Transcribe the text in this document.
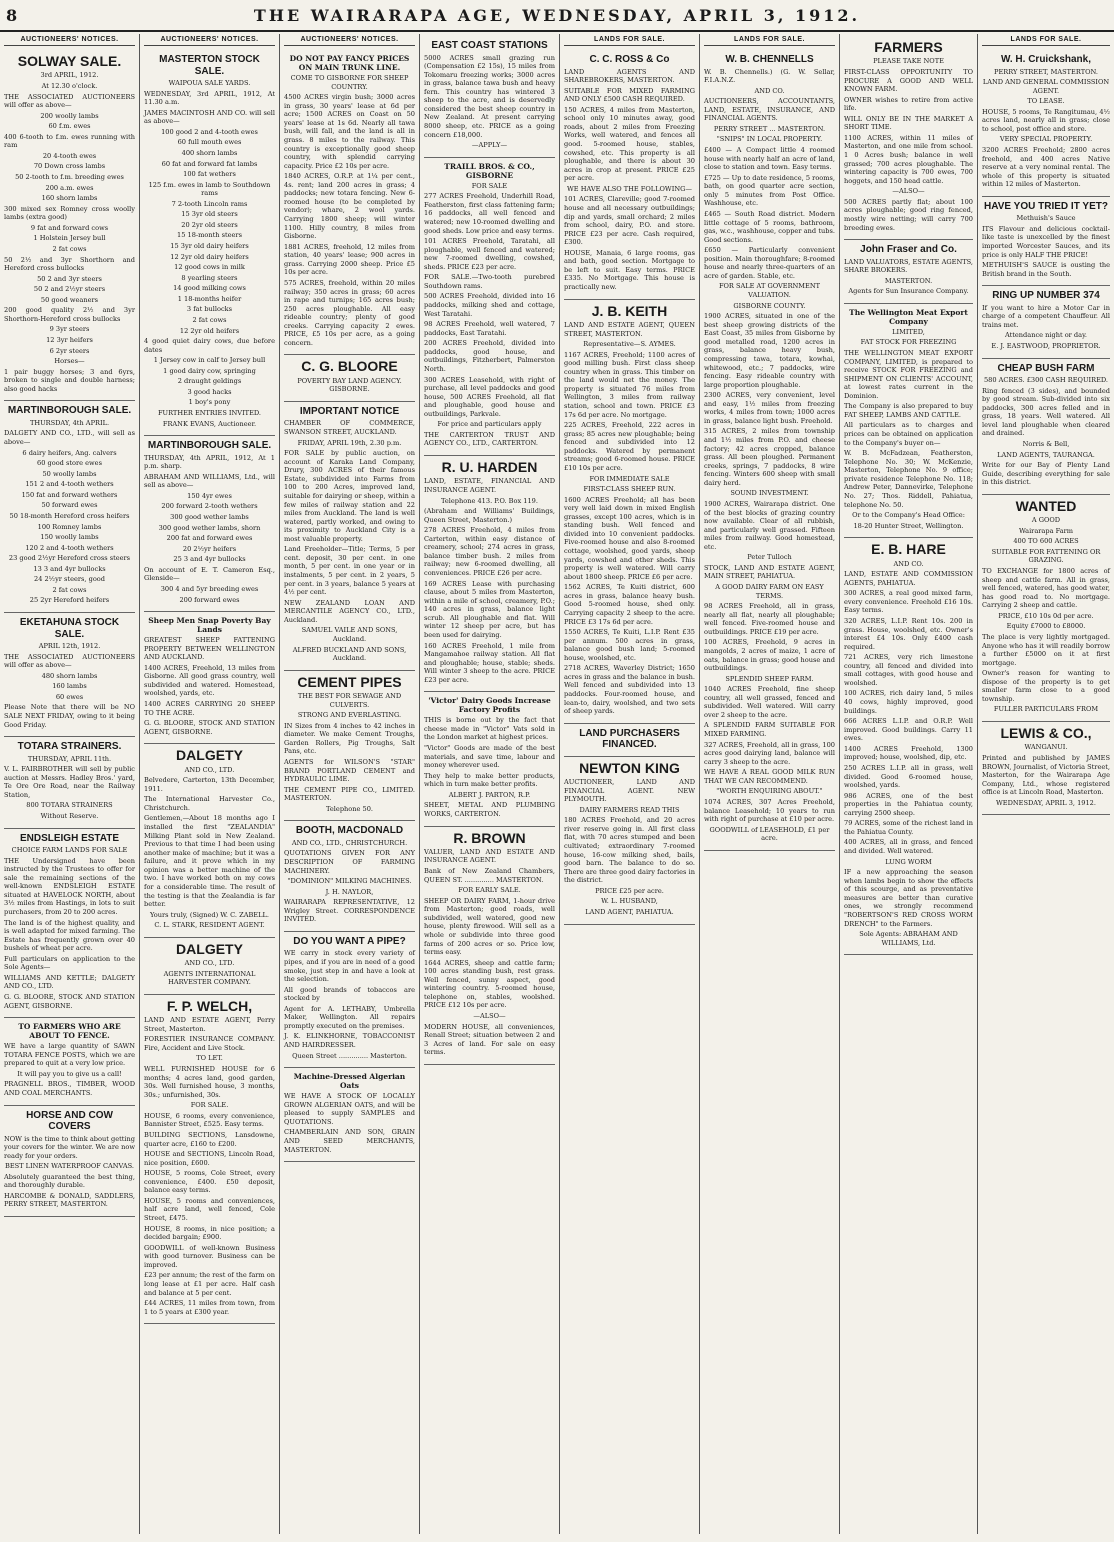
8	THE WAIRARAPA AGE, WEDNESDAY, APRIL 3, 1912.
AUCTIONEERS' NOTICES.
SOLWAY SALE.
3rd APRIL, 1912.
At 12.30 o'clock.
THE ASSOCIATED AUCTIONEERS will offer as above—
200 woolly lambs
60 f.m. ewes
400 6-tooth to f.m. ewes running with ram
20 4-tooth ewes
70 Down cross lambs
50 2-tooth to f.m. breeding ewes
200 a.m. ewes
160 shorn lambs
300 mixed sex Romney cross woolly lambs (extra good)
9 fat and forward cows
1 Holstein Jersey bull
2 fat cows
50 2½ and 3yr Shorthorn and Hereford cross bullocks
50 2 and 3yr steers
50 2 and 2½yr steers
50 good weaners
200 good quality 2½ and 3yr Shorthorn-Hereford cross bullocks
9 3yr steers
12 3yr heifers
6 2yr steers
Horses—
1 pair buggy horses; 3 and 6yrs, broken to single and double harness; also good hacks
MARTINBOROUGH SALE.
THURSDAY, 4th APRIL.
DALGETY AND CO., LTD., will sell as above—
6 dairy heifers, Ang. calvers
60 good store ewes
50 woolly lambs
151 2 and 4-tooth wethers
150 fat and forward wethers
50 forward ewes
50 18-month Hereford cross heifers
100 Romney lambs
150 woolly lambs
120 2 and 4-tooth wethers
23 good 2½yr Hereford cross steers
13 3 and 4yr bullocks
24 2½yr steers, good
2 fat cows
25 2yr Hereford heifers
EKETAHUNA STOCK SALE.
APRIL 12th, 1912.
THE ASSOCIATED AUCTIONEERS will offer as above—
480 shorn lambs
160 lambs
60 ewes
Please Note that there will be NO SALE NEXT FRIDAY, owing to it being Good Friday.
TOTARA STRAINERS.
THURSDAY, APRIL 11th.
V. L. FAIRBROTHER will sell by public auction at Messrs. Hadley Bros.' yard, Te Ore Ore Road, near the Railway Station,
800 TOTARA STRAINERS
Without Reserve.
ENDSLEIGH ESTATE
CHOICE FARM LANDS FOR SALE
THE Undersigned have been instructed by the Trustees to offer for sale the remaining sections of the well-known ENDSLEIGH ESTATE situated at HAVELOCK NORTH, about 3½ miles from Hastings, in lots to suit purchasers, from 20 to 200 acres.
The land is of the highest quality, and is well adapted for mixed farming. The Estate has frequently grown over 40 bushels of wheat per acre.
Full particulars on application to the Sole Agents—
WILLIAMS AND KETTLE; DALGETY AND CO., LTD.
G. G. BLOORE, STOCK AND STATION AGENT, GISBORNE.
TO FARMERS WHO ARE ABOUT TO FENCE.
WE have a large quantity of SAWN TOTARA FENCE POSTS, which we are prepared to quit at a very low price.
It will pay you to give us a call!
PRAGNELL BROS., TIMBER, WOOD AND COAL MERCHANTS.
HORSE AND COW COVERS
NOW is the time to think about getting your covers for the winter. We are now ready for your orders.
BEST LINEN WATERPROOF CANVAS.
Absolutely guaranteed the best thing, and thoroughly durable.
HARCOMBE & DONALD, SADDLERS, PERRY STREET, MASTERTON.
AUCTIONEERS' NOTICES.
MASTERTON STOCK SALE.
WAIPOUA SALE YARDS.
WEDNESDAY, 3rd APRIL, 1912, At 11.30 a.m.
JAMES MACINTOSH AND CO. will sell as above—
100 good 2 and 4-tooth ewes
60 full mouth ewes
400 shorn lambs
60 fat and forward fat lambs
100 fat wethers
125 f.m. ewes in lamb to Southdown rams
7 2-tooth Lincoln rams
15 3yr old steers
20 2yr old steers
15 18-month steers
15 3yr old dairy heifers
12 2yr old dairy heifers
12 good cows in milk
8 yearling steers
14 good milking cows
1 18-months heifer
3 fat bullocks
2 fat cows
12 2yr old heifers
4 good quiet dairy cows, due before dates
1 Jersey cow in calf to Jersey bull
1 good dairy cow, springing
2 draught geldings
3 good hacks
1 boy's pony
FURTHER ENTRIES INVITED.
FRANK EVANS, Auctioneer.
MARTINBOROUGH SALE.
THURSDAY, 4th APRIL, 1912, At 1 p.m. sharp.
ABRAHAM AND WILLIAMS, Ltd., will sell as above—
150 4yr ewes
200 forward 2-tooth wethers
300 good wether lambs
300 good wether lambs, shorn
200 fat and forward ewes
20 2½yr heifers
25 3 and 4yr bullocks
On account of E. T. Cameron Esq., Glenside—
300 4 and 5yr breeding ewes
200 forward ewes
Sheep Men Snap Poverty Bay Lands
GREATEST SHEEP FATTENING PROPERTY BETWEEN WELLINGTON AND AUCKLAND.
1400 ACRES, Freehold, 13 miles from Gisborne. All good grass country, well subdivided and watered. Homestead, woolshed, yards, etc.
1400 ACRES CARRYING 20 SHEEP TO THE ACRE.
G. G. BLOORE, STOCK AND STATION AGENT, GISBORNE.
DALGETY
AND CO., LTD.
Belvedere, Carterton, 13th December, 1911.
The International Harvester Co., Christchurch.
Gentlemen,—About 18 months ago I installed the first "ZEALANDIA" Milking Plant sold in New Zealand. Previous to that time I had been using another make of machine; but it was a failure, and it prove which in my opinion was a better machine of the two. I have worked both on my cows for a considerable time. The result of the testing is that the Zealandia is far better.
Yours truly, (Signed) W. C. ZABELL.
C. L. STARK, RESIDENT AGENT.
DALGETY
AND CO., LTD.
AGENTS INTERNATIONAL HARVESTER COMPANY.
F. P. WELCH,
LAND AND ESTATE AGENT, Perry Street, Masterton.
FORESTIER INSURANCE COMPANY. Fire, Accident and Live Stock.
TO LET.
WELL FURNISHED HOUSE for 6 months; 4 acres land, good garden, 30s. Well furnished house, 3 months, 30s.; unfurnished, 30s.
FOR SALE.
HOUSE, 6 rooms, every convenience, Bannister Street, £525. Easy terms.
BUILDING SECTIONS, Lansdowne, quarter acre, £160 to £200.
HOUSE and SECTIONS, Lincoln Road, nice position, £600.
HOUSE, 5 rooms, Cole Street, every convenience, £400. £50 deposit, balance easy terms.
HOUSE, 5 rooms and conveniences, half acre land, well fenced, Cole Street, £475.
HOUSE, 8 rooms, in nice position; a decided bargain; £900.
GOODWILL of well-known Business with good turnover. Business can be improved.
£23 per annum; the rest of the farm on long lease at £1 per acre. Half cash and balance at 5 per cent.
£44 ACRES, 11 miles from town, from 1 to 5 years at £300 year.
AUCTIONEERS' NOTICES.
DO NOT PAY FANCY PRICES ON MAIN TRUNK LINE.
COME TO GISBORNE FOR SHEEP COUNTRY.
4500 ACRES virgin bush; 3000 acres in grass, 30 years' lease at 6d per acre; 1500 ACRES on Coast on 50 years' lease at 1s 6d. Nearly all tawa bush, will fall, and the land is all in grass. 8 miles to the railway. This country is exceptionally good sheep country, with splendid carrying capacity. Price £2 10s per acre.
1840 ACRES, O.R.P. at 1¼ per cent., 4s. rent; land 200 acres in grass; 4 paddocks; new totara fencing. New 6-roomed house (to be completed by vendor); whare, 2 wool yards. Carrying 1800 sheep; will winter 1100. Hilly country, 8 miles from Gisborne.
1881 ACRES, freehold, 12 miles from station, 40 years' lease; 900 acres in grass. Carrying 2000 sheep. Price £5 10s per acre.
575 ACRES, freehold, within 20 miles railway; 350 acres in grass; 60 acres in rape and turnips; 165 acres bush; 250 acres ploughable. All easy rideable country; plenty of good creeks. Carrying capacity 2 ewes. PRICE, £5 10s per acre, as a going concern.
C. G. BLOORE
POVERTY BAY LAND AGENCY. GISBORNE.
IMPORTANT NOTICE
CHAMBER OF COMMERCE, SWANSON STREET, AUCKLAND.
FRIDAY, APRIL 19th, 2.30 p.m.
FOR SALE by public auction, on account of Karaka Land Company, Drury, 300 ACRES of their famous Estate, subdivided into Farms from 100 to 200 Acres, improved land, suitable for dairying or sheep, within a few miles of railway station and 22 miles from Auckland. The land is well watered, partly worked, and owing to its proximity to Auckland City is a most valuable property.
Land Freeholder—Title; Terms, 5 per cent. deposit, 30 per cent. in one month, 5 per cent. in one year or in instalments, 5 per cent. in 2 years, 5 per cent. in 3 years, balance 5 years at 4½ per cent.
NEW ZEALAND LOAN AND MERCANTILE AGENCY CO., LTD., Auckland.
SAMUEL VAILE AND SONS, Auckland.
ALFRED BUCKLAND AND SONS, Auckland.
CEMENT PIPES
THE BEST FOR SEWAGE AND CULVERTS.
STRONG AND EVERLASTING.
IN Sizes from 4 inches to 42 inches in diameter. We make Cement Troughs, Garden Rollers, Pig Troughs, Salt Pans, etc.
AGENTS for WILSON'S "STAR" BRAND PORTLAND CEMENT and HYDRAULIC LIME.
THE CEMENT PIPE CO., LIMITED. MASTERTON.
Telephone 50.
BOOTH, MACDONALD
AND CO., LTD., CHRISTCHURCH.
QUOTATIONS GIVEN FOR ANY DESCRIPTION OF FARMING MACHINERY.
"DOMINION" MILKING MACHINES.
J. H. NAYLOR,
WAIRARAPA REPRESENTATIVE, 12 Wrigley Street. CORRESPONDENCE INVITED.
DO YOU WANT A PIPE?
WE carry in stock every variety of pipes, and if you are in need of a good smoke, just step in and have a look at the selection.
All good brands of tobaccos are stocked by
Agent for A. LETHABY, Umbrella Maker, Wellington. All repairs promptly executed on the premises.
J. K. ELINKHORNE, TOBACCONIST AND HAIRDRESSER.
Queen Street .............. Masterton.
Machine-Dressed Algerian Oats
WE HAVE A STOCK OF LOCALLY GROWN ALGERIAN OATS, and will be pleased to supply SAMPLES and QUOTATIONS.
CHAMBERLAIN AND SON, GRAIN AND SEED MERCHANTS, MASTERTON.
EAST COAST STATIONS
5000 ACRES small grazing run (Compensation £2 15s), 15 miles from Tokomaru freezing works; 3000 acres in grass, balance tawa bush and heavy fern. This country has wintered 3 sheep to the acre, and is deservedly considered the best sheep country in New Zealand. At present carrying 8000 sheep, etc. PRICE as a going concern £18,000.
—APPLY—
TRAILL BROS. & CO., GISBORNE
FOR SALE
277 ACRES Freehold, Underhill Road, Featherston, first class fattening farm; 16 paddocks, all well fenced and watered; new 10-roomed dwelling and good sheds. Low price and easy terms.
101 ACRES Freehold, Taratahi, all ploughable, well fenced and watered; new 7-roomed dwelling, cowshed, sheds. PRICE £23 per acre.
FOR SALE.—Two-tooth purebred Southdown rams.
500 ACRES Freehold, divided into 16 paddocks, milking shed and cottage, West Taratahi.
98 ACRES Freehold, well watered, 7 paddocks, East Taratahi.
200 ACRES Freehold, divided into paddocks, good house, and outbuildings, Fitzherbert, Palmerston North.
300 ACRES Leasehold, with right of purchase, all level paddocks and good house, 500 ACRES Freehold, all flat and ploughable, good house and outbuildings, Parkvale.
For price and particulars apply
THE CARTERTON TRUST AND AGENCY CO., LTD., CARTERTON.
R. U. HARDEN
LAND, ESTATE, FINANCIAL AND INSURANCE AGENT.
Telephone 413. P.O. Box 119.
(Abraham and Williams' Buildings, Queen Street, Masterton.)
278 ACRES Freehold, 4 miles from Carterton, within easy distance of creamery, school; 274 acres in grass, balance timber bush. 2 miles from railway; new 6-roomed dwelling, all conveniences. PRICE £26 per acre.
169 ACRES Lease with purchasing clause, about 5 miles from Masterton, within a mile of school, creamery, P.O.; 140 acres in grass, balance light scrub. All ploughable and flat. Will winter 12 sheep per acre, but has been used for dairying.
160 ACRES Freehold, 1 mile from Mangamahoe railway station. All flat and ploughable; house, stable; sheds. Will winter 3 sheep to the acre. PRICE £23 per acre.
'Victor' Dairy Goods Increase Factory Profits
THIS is borne out by the fact that cheese made in "Victor" Vats sold in the London market at highest prices.
"Victor" Goods are made of the best materials, and save time, labour and money wherever used.
They help to make better products, which in turn make better profits.
ALBERT J. PARTON, R.P.
SHEET, METAL AND PLUMBING WORKS, CARTERTON.
R. BROWN
VALUER, LAND AND ESTATE AND INSURANCE AGENT.
Bank of New Zealand Chambers, QUEEN ST. .............. MASTERTON.
FOR EARLY SALE.
SHEEP OR DAIRY FARM, 1-hour drive from Masterton; good roads, well subdivided, well watered, good new house, plenty firewood. Will sell as a whole or subdivide into three good farms of 200 acres or so. Price low, terms easy.
1644 ACRES, sheep and cattle farm; 100 acres standing bush, rest grass. Well fenced, sunny aspect, good wintering country. 5-roomed house, telephone on, stables, woolshed. PRICE £12 10s per acre.
—ALSO—
MODERN HOUSE, all conveniences, Renall Street; situation between 2 and 3 Acres of land. For sale on easy terms.
LANDS FOR SALE.
C. C. ROSS & Co
LAND AGENTS AND SHAREBROKERS, MASTERTON.
SUITABLE FOR MIXED FARMING AND ONLY £500 CASH REQUIRED.
150 ACRES, 4 miles from Masterton, school only 10 minutes away, good roads, about 2 miles from Freezing Works, well watered, and fences all good. 5-roomed house, stables, cowshed, etc. This property is all ploughable, and there is about 30 acres in crop at present. PRICE £25 per acre.
WE HAVE ALSO THE FOLLOWING—
101 ACRES, Clareville; good 7-roomed house and all necessary outbuildings; dip and yards, small orchard; 2 miles from school, dairy, P.O. and store. PRICE £23 per acre. Cash required, £300.
HOUSE, Manaia, 6 large rooms, gas and bath, good section. Mortgage to be left to suit. Easy terms. PRICE £335. No Mortgage. This house is practically new.
J. B. KEITH
LAND AND ESTATE AGENT, QUEEN STREET, MASTERTON.
Representative—S. AYMES.
1167 ACRES, Freehold; 1100 acres of good milling bush. First class sheep country when in grass. This timber on the land would net the money. The property is situated 76 miles from Wellington, 3 miles from railway station, school and town. PRICE £3 17s 6d per acre. No mortgage.
225 ACRES, Freehold, 222 acres in grass; 85 acres new ploughable; being fenced and subdivided into 12 paddocks. Watered by permanent streams; good 6-roomed house. PRICE £10 10s per acre.
FOR IMMEDIATE SALE
FIRST-CLASS SHEEP RUN.
1600 ACRES Freehold; all has been very well laid down in mixed English grasses, except 100 acres, which is in standing bush. Well fenced and divided into 10 convenient paddocks. Five-roomed house and also 8-roomed cottage, woolshed, good yards, sheep yards, cowshed and other sheds. This property is well watered. Will carry about 1800 sheep. PRICE £6 per acre.
1562 ACRES, Te Kuiti district, 600 acres in grass, balance heavy bush. Good 5-roomed house, shed only. Carrying capacity 2 sheep to the acre. PRICE £3 17s 6d per acre.
1550 ACRES, Te Kuiti, L.I.P. Rent £35 per annum. 500 acres in grass, balance good bush land; 5-roomed house, woolshed, etc.
2718 ACRES, Waverley District; 1650 acres in grass and the balance in bush. Well fenced and subdivided into 13 paddocks. Four-roomed house, and lean-to, dairy, woolshed, and two sets of sheep yards.
LAND PURCHASERS FINANCED.
NEWTON KING
AUCTIONEER, LAND AND FINANCIAL AGENT. NEW PLYMOUTH.
DAIRY FARMERS READ THIS
180 ACRES Freehold, and 20 acres river reserve going in. All first class flat, with 70 acres stumped and been cultivated; extraordinary 7-roomed house, 16-cow milking shed, bails, good barn. The balance to do so. There are three good dairy factories in the district.
PRICE £25 per acre.
W. L. HUSBAND,
LAND AGENT, PAHIATUA.
LANDS FOR SALE.
W. B. CHENNELLS
W. B. Chennells.) (G. W. Sellar, F.I.A.N.Z.
AND CO.
AUCTIONEERS, ACCOUNTANTS, LAND, ESTATE, INSURANCE, AND FINANCIAL AGENTS.
PERRY STREET ... MASTERTON.
"SNIPS" IN LOCAL PROPERTY.
£400 — A Compact little 4 roomed house with nearly half an acre of land, close to station and town. Easy terms.
£725 — Up to date residence, 5 rooms, bath, on good quarter acre section, only 5 minutes from Post Office. Washhouse, etc.
£465 — South Road district. Modern little cottage of 5 rooms, bathroom, gas, w.c., washhouse, copper and tubs. Good sections.
£650 — Particularly convenient position. Main thoroughfare; 8-roomed house and nearly three-quarters of an acre of garden. Stable, etc.
FOR SALE AT GOVERNMENT VALUATION.
GISBORNE COUNTY.
1900 ACRES, situated in one of the best sheep growing districts of the East Coast, 35 miles from Gisborne by good metalled road, 1200 acres in grass, balance heavy bush, compressing tawa, totara, kowhai, whitewood, etc.; 7 paddocks, wire fencing. Easy rideable country with large proportion ploughable.
2300 ACRES, very convenient, level and easy, 1½ miles from freezing works, 4 miles from town; 1000 acres in grass, balance light bush. Freehold.
315 ACRES, 2 miles from township and 1½ miles from P.O. and cheese factory; 42 acres cropped, balance grass. All been ploughed. Permanent creeks, springs, 7 paddocks, 8 wire fencing. Winters 600 sheep with small dairy herd.
SOUND INVESTMENT.
1900 ACRES, Wairarapa district. One of the best blocks of grazing country now available. Clear of all rubbish, and particularly well grassed. Fifteen miles from railway. Good homestead, etc.
Peter Tulloch
STOCK, LAND AND ESTATE AGENT, MAIN STREET, PAHIATUA.
A GOOD DAIRY FARM ON EASY TERMS.
98 ACRES Freehold, all in grass, nearly all flat, nearly all ploughable; well fenced. Five-roomed house and outbuildings. PRICE £19 per acre.
100 ACRES, Freehold, 9 acres in mangolds, 2 acres of maize, 1 acre of oats, balance in grass; good house and outbuildings.
SPLENDID SHEEP FARM.
1040 ACRES Freehold, fine sheep country, all well grassed, fenced and subdivided. Well watered. Will carry over 2 sheep to the acre.
A SPLENDID FARM SUITABLE FOR MIXED FARMING.
327 ACRES, Freehold, all in grass, 100 acres good dairying land, balance will carry 3 sheep to the acre.
WE HAVE A REAL GOOD MILK RUN THAT WE CAN RECOMMEND.
"WORTH ENQUIRING ABOUT."
1074 ACRES, 307 Acres Freehold, balance Leasehold; 10 years to run with right of purchase at £10 per acre.
GOODWILL of LEASEHOLD, £1 per acre.
FARMERS
PLEASE TAKE NOTE
FIRST-CLASS OPPORTUNITY TO PROCURE A GOOD AND WELL KNOWN FARM.
OWNER wishes to retire from active life.
WILL ONLY BE IN THE MARKET A SHORT TIME.
1100 ACRES, within 11 miles of Masterton, and one mile from school. 1 0 Acres bush; balance in well grassed; 700 acres ploughable. The wintering capacity is 700 ewes, 700 hoggets, and 150 head cattle.
—ALSO—
500 ACRES partly flat; about 100 acres ploughable; good ring fenced, mostly wire netting; will carry 700 breeding ewes.
John Fraser and Co.
LAND VALUATORS, ESTATE AGENTS, SHARE BROKERS.
MASTERTON.
Agents for Sun Insurance Company.
The Wellington Meat Export Company
LIMITED,
FAT STOCK FOR FREEZING
THE WELLINGTON MEAT EXPORT COMPANY, LIMITED, is prepared to receive STOCK FOR FREEZING and SHIPMENT ON CLIENTS' ACCOUNT, at lowest rates current in the Dominion.
The Company is also prepared to buy FAT SHEEP, LAMBS AND CATTLE.
All particulars as to charges and prices can be obtained on application to the Company's buyer on—
W. B. McFadzean, Featherston, Telephone No. 30; W. McKenzie, Masterton, Telephone No. 9 office; private residence Telephone No. 118; Andrew Peter, Dannevirke, Telephone No. 27; Thos. Riddell, Pahiatua, telephone No. 50.
Or to the Company's Head Office:
18-20 Hunter Street, Wellington.
E. B. HARE
AND CO.
LAND, ESTATE AND COMMISSION AGENTS, PAHIATUA.
300 ACRES, a real good mixed farm, every convenience. Freehold £16 10s. Easy terms.
320 ACRES, L.I.P. Rent 10s. 200 in grass. House, woolshed, etc. Owner's interest £4 10s. Only £400 cash required.
721 ACRES, very rich limestone country, all fenced and divided into small cottages, with good house and woolshed.
100 ACRES, rich dairy land, 5 miles 40 cows, highly improved, good buildings.
666 ACRES L.I.P. and O.R.P. Well improved. Good buildings. Carry 11 ewes.
1400 ACRES Freehold, 1300 improved; house, woolshed, dip, etc.
250 ACRES L.I.P. all in grass, well divided. Good 6-roomed house, woolshed, yards.
986 ACRES, one of the best properties in the Pahiatua county, carrying 2500 sheep.
79 ACRES, some of the richest land in the Pahiatua County.
400 ACRES, all in grass, and fenced and divided. Well watered.
LUNG WORM
IF a new approaching the season when lambs begin to show the effects of this scourge, and as preventative measures are better than curative ones, we strongly recommend "ROBERTSON'S RED CROSS WORM DRENCH" to the Farmers.
Sole Agents: ABRAHAM AND WILLIAMS, Ltd.
LANDS FOR SALE.
W. H. Cruickshank,
PERRY STREET, MASTERTON.
LAND AND GENERAL COMMISSION AGENT.
TO LEASE.
HOUSE, 5 rooms, Te Rangitumau, 4½ acres land, nearly all in grass; close to school, post office and store.
VERY SPECIAL PROPERTY.
3200 ACRES Freehold; 2800 acres freehold, and 400 acres Native reserve at a very nominal rental. The whole of this property is situated within 12 miles of Masterton.
HAVE YOU TRIED IT YET?
Methuish's Sauce
ITS Flavour and delicious cocktail-like taste is unexcelled by the finest imported Worcester Sauces, and its price is only HALF THE PRICE!
METHUISH'S SAUCE is ousting the British brand in the South.
RING UP NUMBER 374
If you want to hire a Motor Car in charge of a competent Chauffeur. All trains met.
Attendance night or day.
E. J. EASTWOOD, PROPRIETOR.
CHEAP BUSH FARM
580 ACRES. £300 CASH REQUIRED.
Ring fenced (3 sides), and bounded by good stream. Sub-divided into six paddocks, 300 acres felled and in grass, 18 years. Well watered. All level land ploughable when cleared and drained.
Norris & Bell,
LAND AGENTS, TAURANGA.
Write for our Bay of Plenty Land Guide, describing everything for sale in this district.
WANTED
A GOOD
Wairarapa Farm
400 TO 600 ACRES
SUITABLE FOR FATTENING OR GRAZING.
TO EXCHANGE for 1800 acres of sheep and cattle farm. All in grass, well fenced, watered, has good water, has good road to. No mortgage. Carrying 2 sheep and cattle.
PRICE, £10 10s 0d per acre.
Equity £7000 to £8000.
The place is very lightly mortgaged. Anyone who has it will readily borrow a further £5000 on it at first mortgage.
Owner's reason for wanting to dispose of the property is to get smaller farm close to a good township.
FULLER PARTICULARS FROM
LEWIS & CO.,
WANGANUI.
Printed and published by JAMES BROWN, Journalist, of Victoria Street, Masterton, for the Wairarapa Age Company, Ltd., whose registered office is at Lincoln Road, Masterton.
WEDNESDAY, APRIL 3, 1912.
